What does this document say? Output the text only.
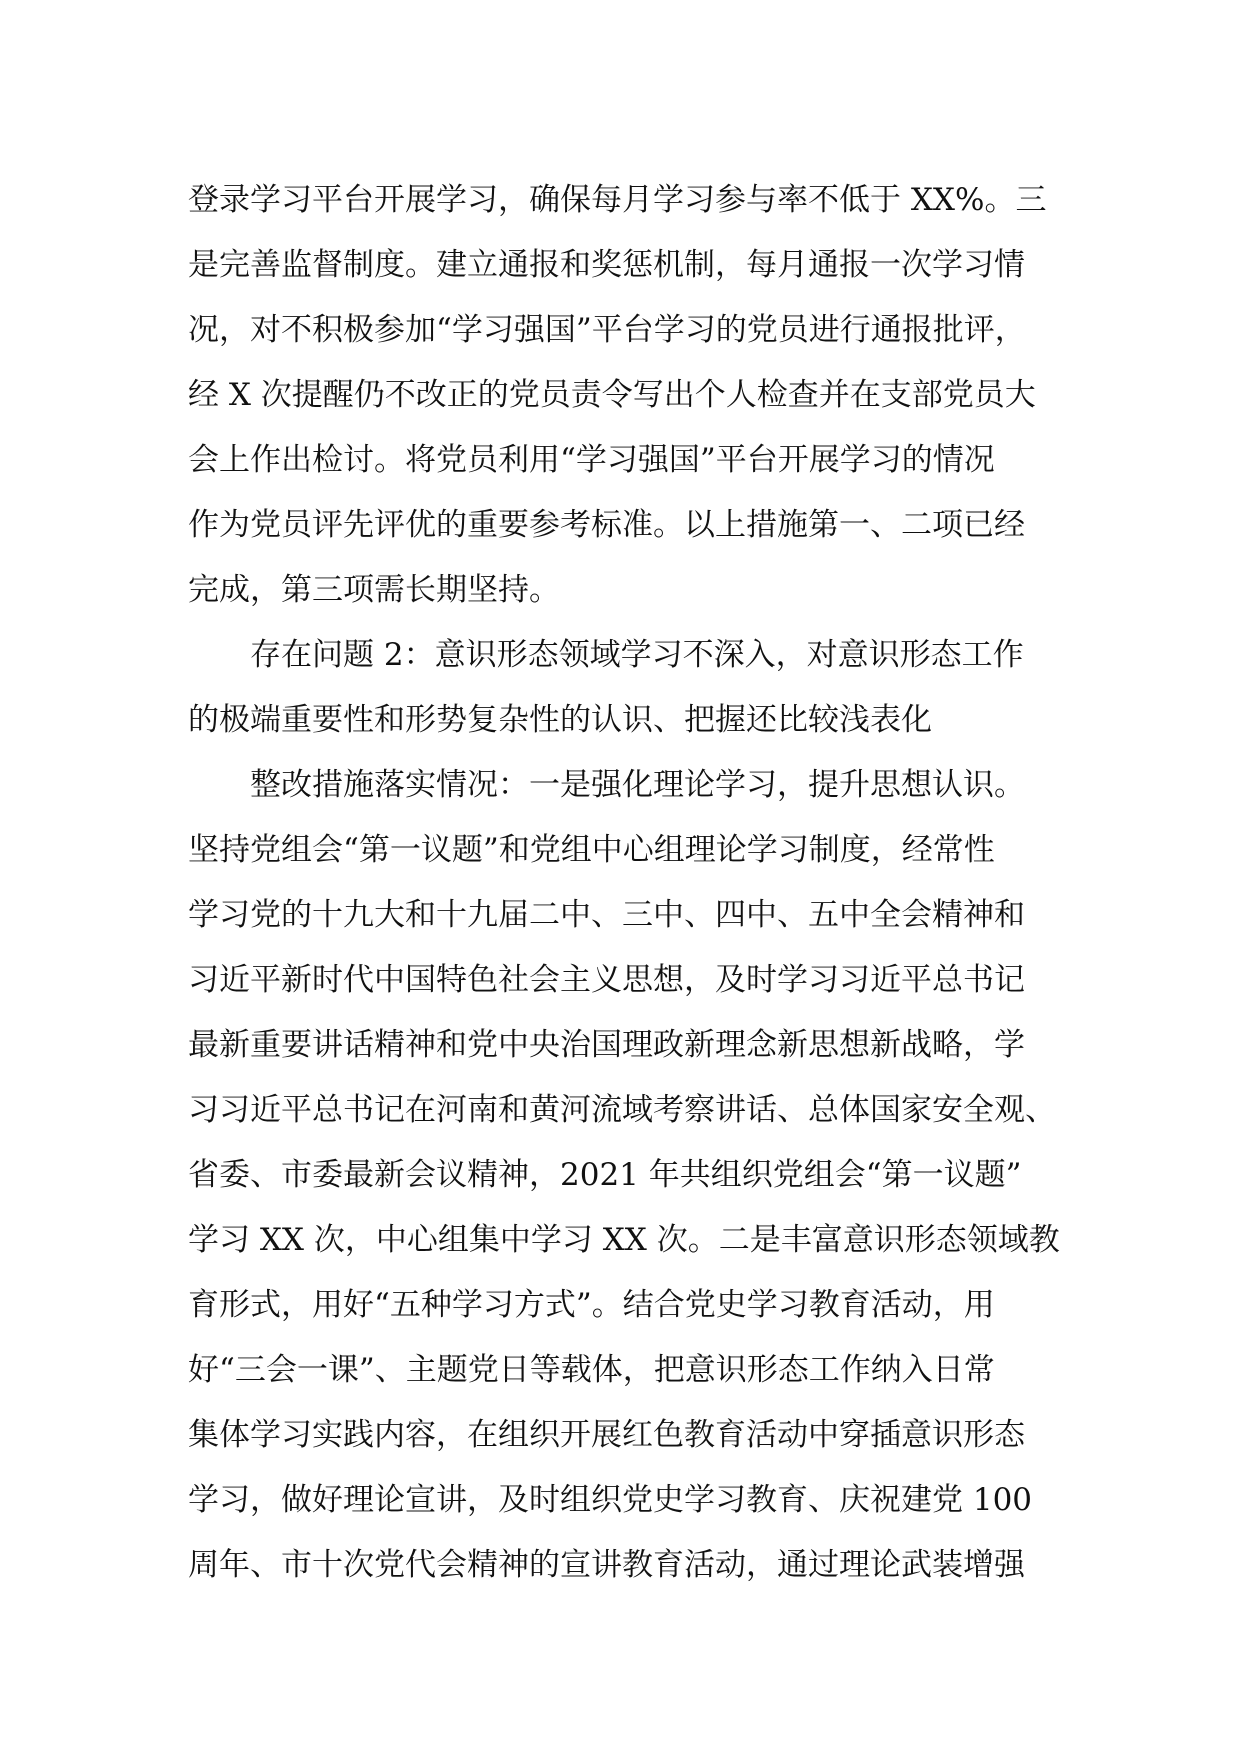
登录学习平台开展学习，确保每月学习参与率不低于 XX%。三
是完善监督制度。建立通报和奖惩机制，每月通报一次学习情
况，对不积极参加“学习强国”平台学习的党员进行通报批评，
经 X 次提醒仍不改正的党员责令写出个人检查并在支部党员大
会上作出检讨。将党员利用“学习强国”平台开展学习的情况
作为党员评先评优的重要参考标准。以上措施第一、二项已经
完成，第三项需长期坚持。
存在问题 2：意识形态领域学习不深入，对意识形态工作
的极端重要性和形势复杂性的认识、把握还比较浅表化
整改措施落实情况：一是强化理论学习，提升思想认识。
坚持党组会“第一议题”和党组中心组理论学习制度，经常性
学习党的十九大和十九届二中、三中、四中、五中全会精神和
习近平新时代中国特色社会主义思想，及时学习习近平总书记
最新重要讲话精神和党中央治国理政新理念新思想新战略，学
习习近平总书记在河南和黄河流域考察讲话、总体国家安全观、
省委、市委最新会议精神，2021 年共组织党组会“第一议题”
学习 XX 次，中心组集中学习 XX 次。二是丰富意识形态领域教
育形式，用好“五种学习方式”。结合党史学习教育活动，用
好“三会一课”、主题党日等载体，把意识形态工作纳入日常
集体学习实践内容，在组织开展红色教育活动中穿插意识形态
学习，做好理论宣讲，及时组织党史学习教育、庆祝建党 100
周年、市十次党代会精神的宣讲教育活动，通过理论武装增强
